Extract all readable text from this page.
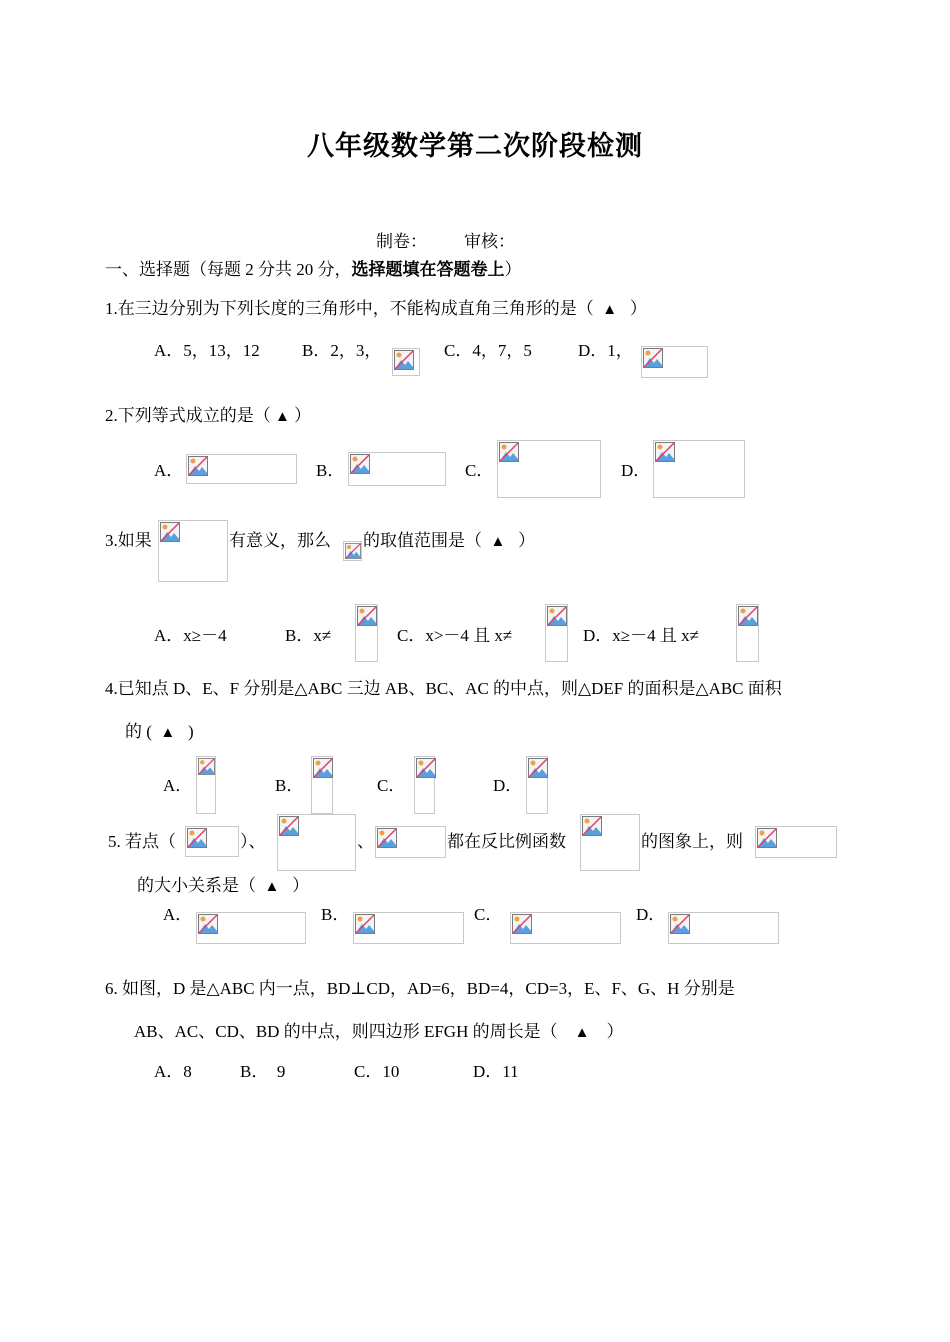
八年级数学第二次阶段检测
制卷： 审核：
一、选择题（每题 2 分共 20 分，选择题填在答题卷上）
1.在三边分别为下列长度的三角形中，不能构成直角三角形的是（ ▲ ）
A．5，13，12 B．2，3，	C．4，7，5	D．1，
2.下列等式成立的是（ ▲ ）
A．	B．	C．	D．
3.如果	有意义，那么 的取值范围是（ ▲ ）
A．x≥－4	B．x≠	C．x>－4 且 x≠	D．x≥－4 且 x≠
4.已知点 D、E、F 分别是△ABC 三边 AB、BC、AC 的中点，则△DEF 的面积是△ABC 面积
的 ( ▲ )
A．	B．	C．	D．
5. 若点（	）、	、	都在反比例函数	的图象上，则
的大小关系是（ ▲ ）
A．	B．	C．	D．
6. 如图，D 是△ABC 内一点，BD⊥CD，AD=6，BD=4，CD=3，E、F、G、H 分别是
AB、AC、CD、BD 的中点，则四边形 EFGH 的周长是（ ▲ ）
A．8	B．  9	C．10	D．11
